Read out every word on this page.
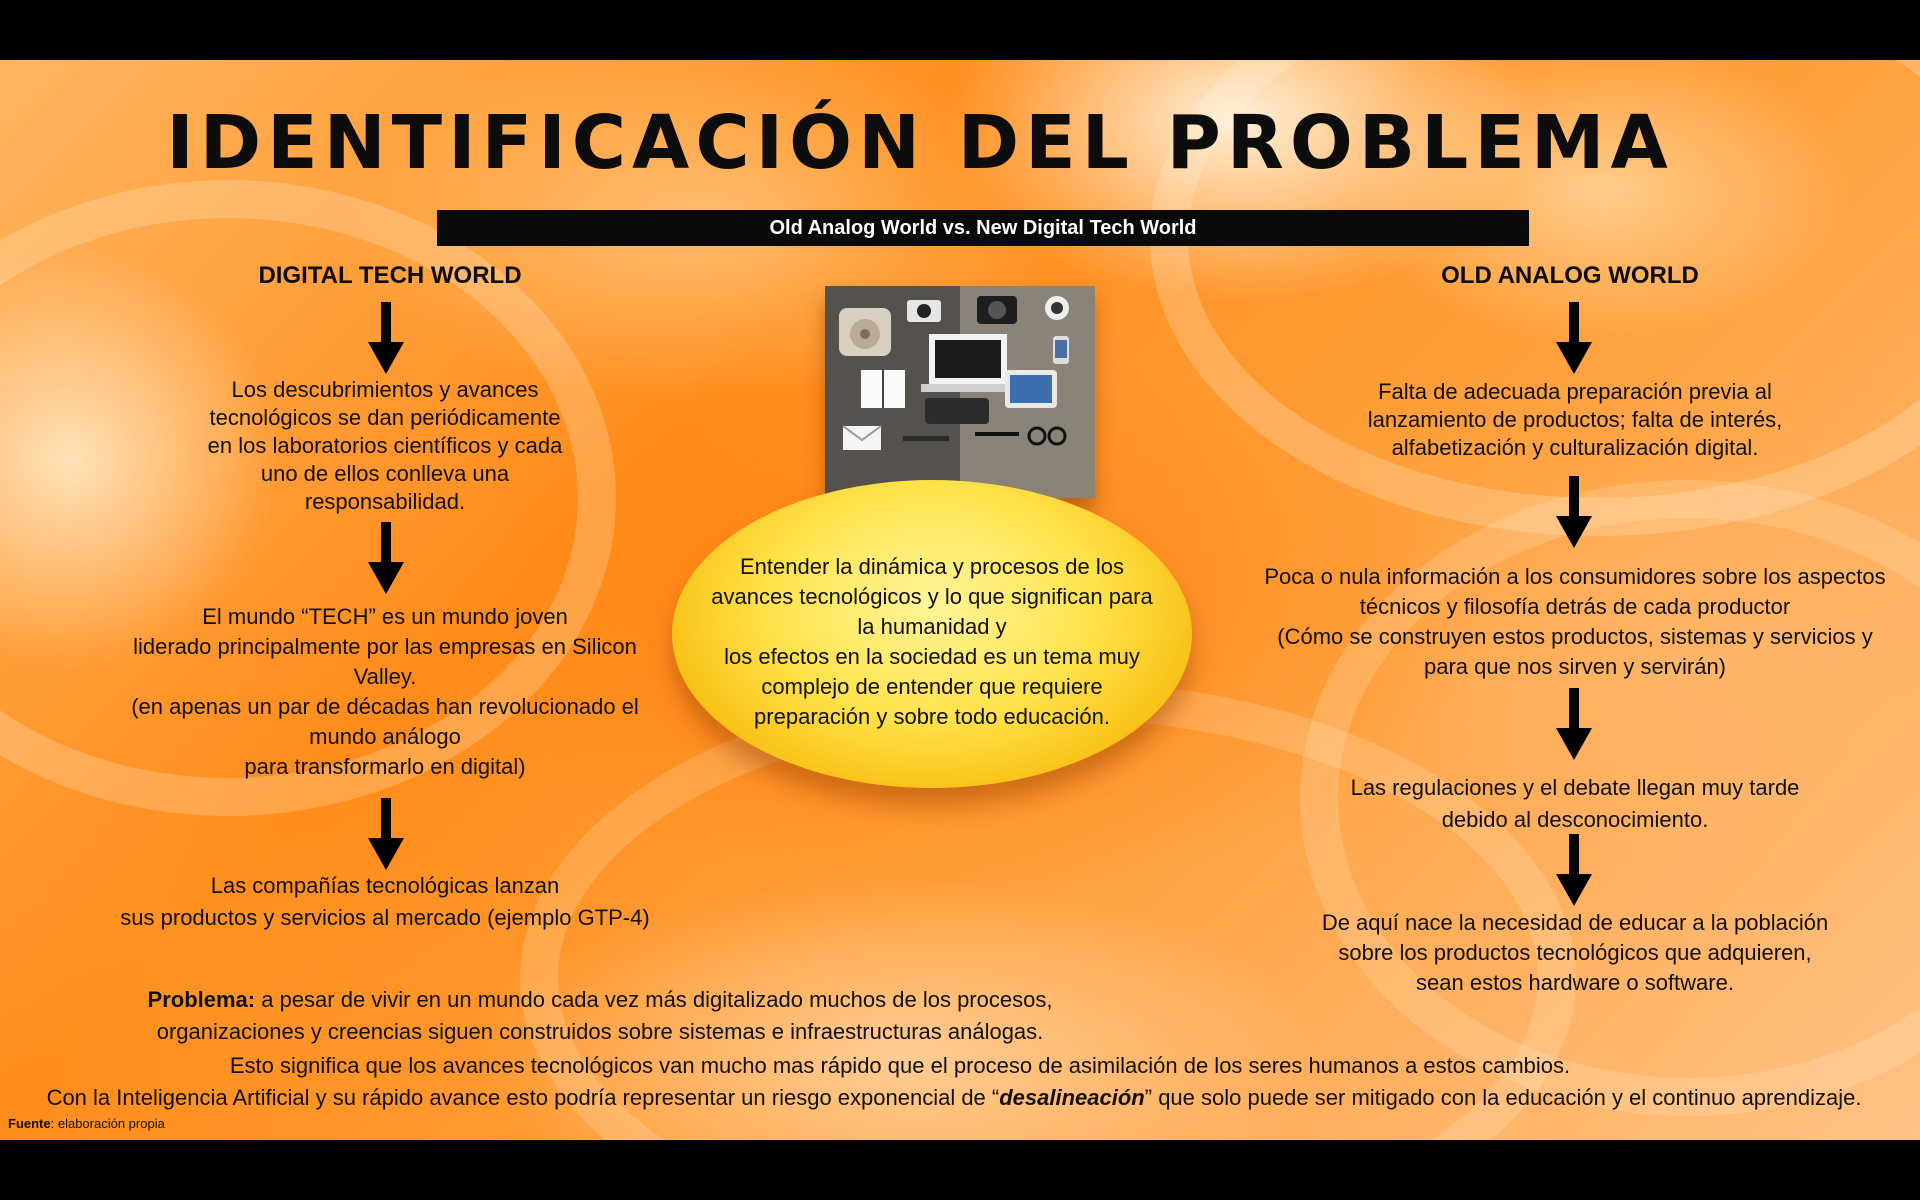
IDENTIFICACIÓN DEL PROBLEMA
Old Analog World vs. New Digital Tech World
DIGITAL TECH WORLD
Los descubrimientos y avances
tecnológicos se dan periódicamente
en los laboratorios científicos y cada
uno de ellos conlleva una
responsabilidad.
El mundo “TECH” es un mundo joven
liderado principalmente por las empresas en Silicon
Valley.
(en apenas un par de décadas han revolucionado el
mundo análogo
para transformarlo en digital)
Las compañías tecnológicas lanzan
sus productos y servicios al mercado (ejemplo GTP-4)
Entender la dinámica y procesos de los
avances tecnológicos y lo que significan para
la humanidad y
los efectos en la sociedad es un tema muy
complejo de entender que requiere
preparación y sobre todo educación.
OLD ANALOG WORLD
Falta de adecuada preparación previa al
lanzamiento de productos; falta de interés,
alfabetización y culturalización digital.
Poca o nula información a los consumidores sobre los aspectos
técnicos y filosofía detrás de cada productor
(Cómo se construyen estos productos, sistemas y servicios y
para que nos sirven y servirán)
Las regulaciones y el debate llegan muy tarde
debido al desconocimiento.
De aquí nace la necesidad de educar a la población
sobre los productos tecnológicos que adquieren,
sean estos hardware o software.
Problema: a pesar de vivir en un mundo cada vez más digitalizado muchos de los procesos,
organizaciones y creencias siguen construidos sobre sistemas e infraestructuras análogas.
Esto significa que los avances tecnológicos van mucho mas rápido que el proceso de asimilación de los seres humanos a estos cambios.
Con la Inteligencia Artificial y su rápido avance esto podría representar un riesgo exponencial de “desalineación” que solo puede ser mitigado con la educación y el continuo aprendizaje.
Fuente: elaboración propia
